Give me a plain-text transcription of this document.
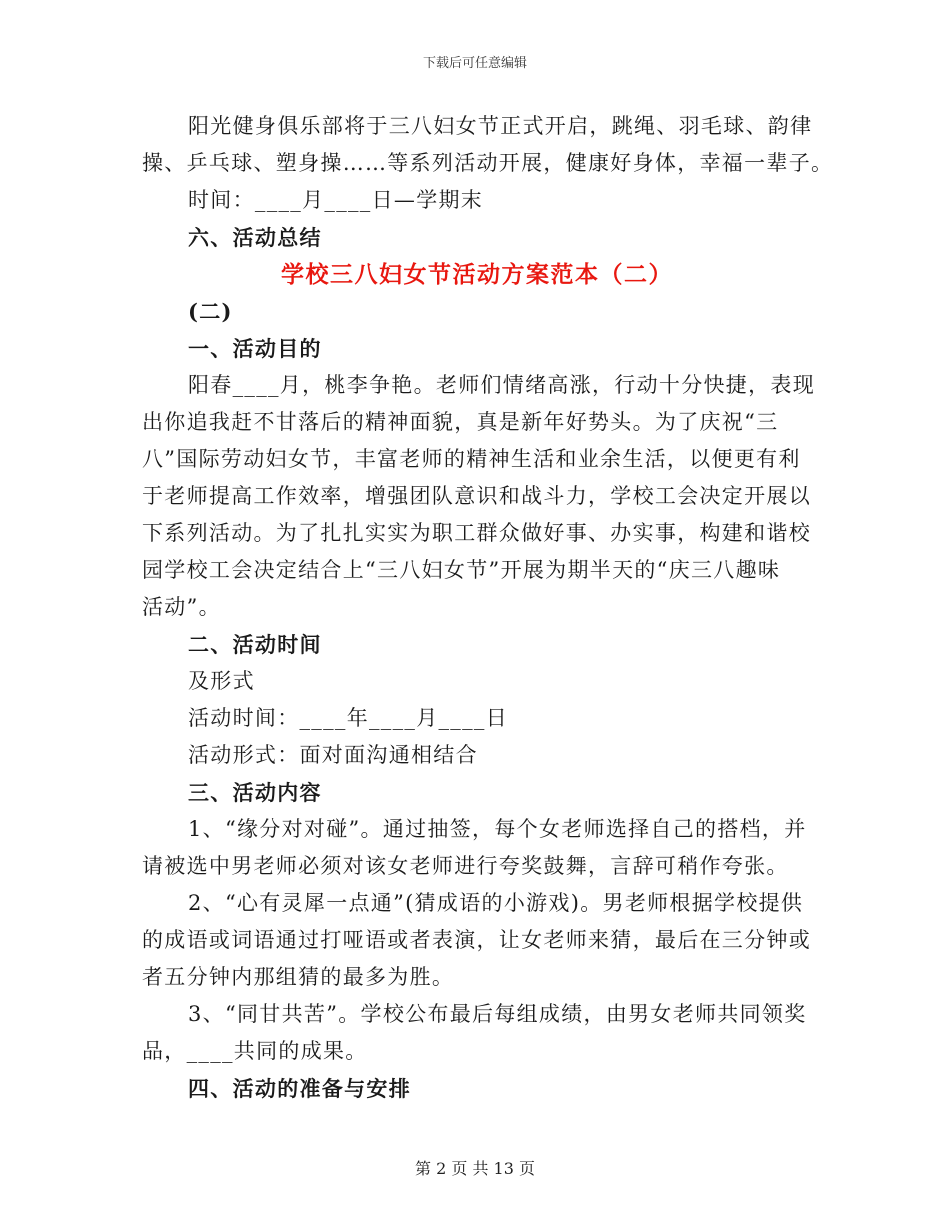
下载后可任意编辑

阳光健身俱乐部将于三八妇女节正式开启，跳绳、羽毛球、韵律

操、乒乓球、塑身操……等系列活动开展，健康好身体，幸福一辈子。

时间：____月____日—学期末

六、活动总结

学校三八妇女节活动方案范本（二）

(二)

一、活动目的

阳春____月，桃李争艳。老师们情绪高涨，行动十分快捷，表现

出你追我赶不甘落后的精神面貌，真是新年好势头。为了庆祝“三

八”国际劳动妇女节，丰富老师的精神生活和业余生活，以便更有利

于老师提高工作效率，增强团队意识和战斗力，学校工会决定开展以

下系列活动。为了扎扎实实为职工群众做好事、办实事，构建和谐校

园学校工会决定结合上“三八妇女节”开展为期半天的“庆三八趣味

活动”。

二、活动时间

及形式

活动时间：____年____月____日

活动形式：面对面沟通相结合

三、活动内容

1、“缘分对对碰”。通过抽签，每个女老师选择自己的搭档，并

请被选中男老师必须对该女老师进行夸奖鼓舞，言辞可稍作夸张。

2、“心有灵犀一点通”(猜成语的小游戏)。男老师根据学校提供

的成语或词语通过打哑语或者表演，让女老师来猜，最后在三分钟或

者五分钟内那组猜的最多为胜。

3、“同甘共苦”。学校公布最后每组成绩，由男女老师共同领奖

品，____共同的成果。

四、活动的准备与安排

第 2 页 共 13 页
